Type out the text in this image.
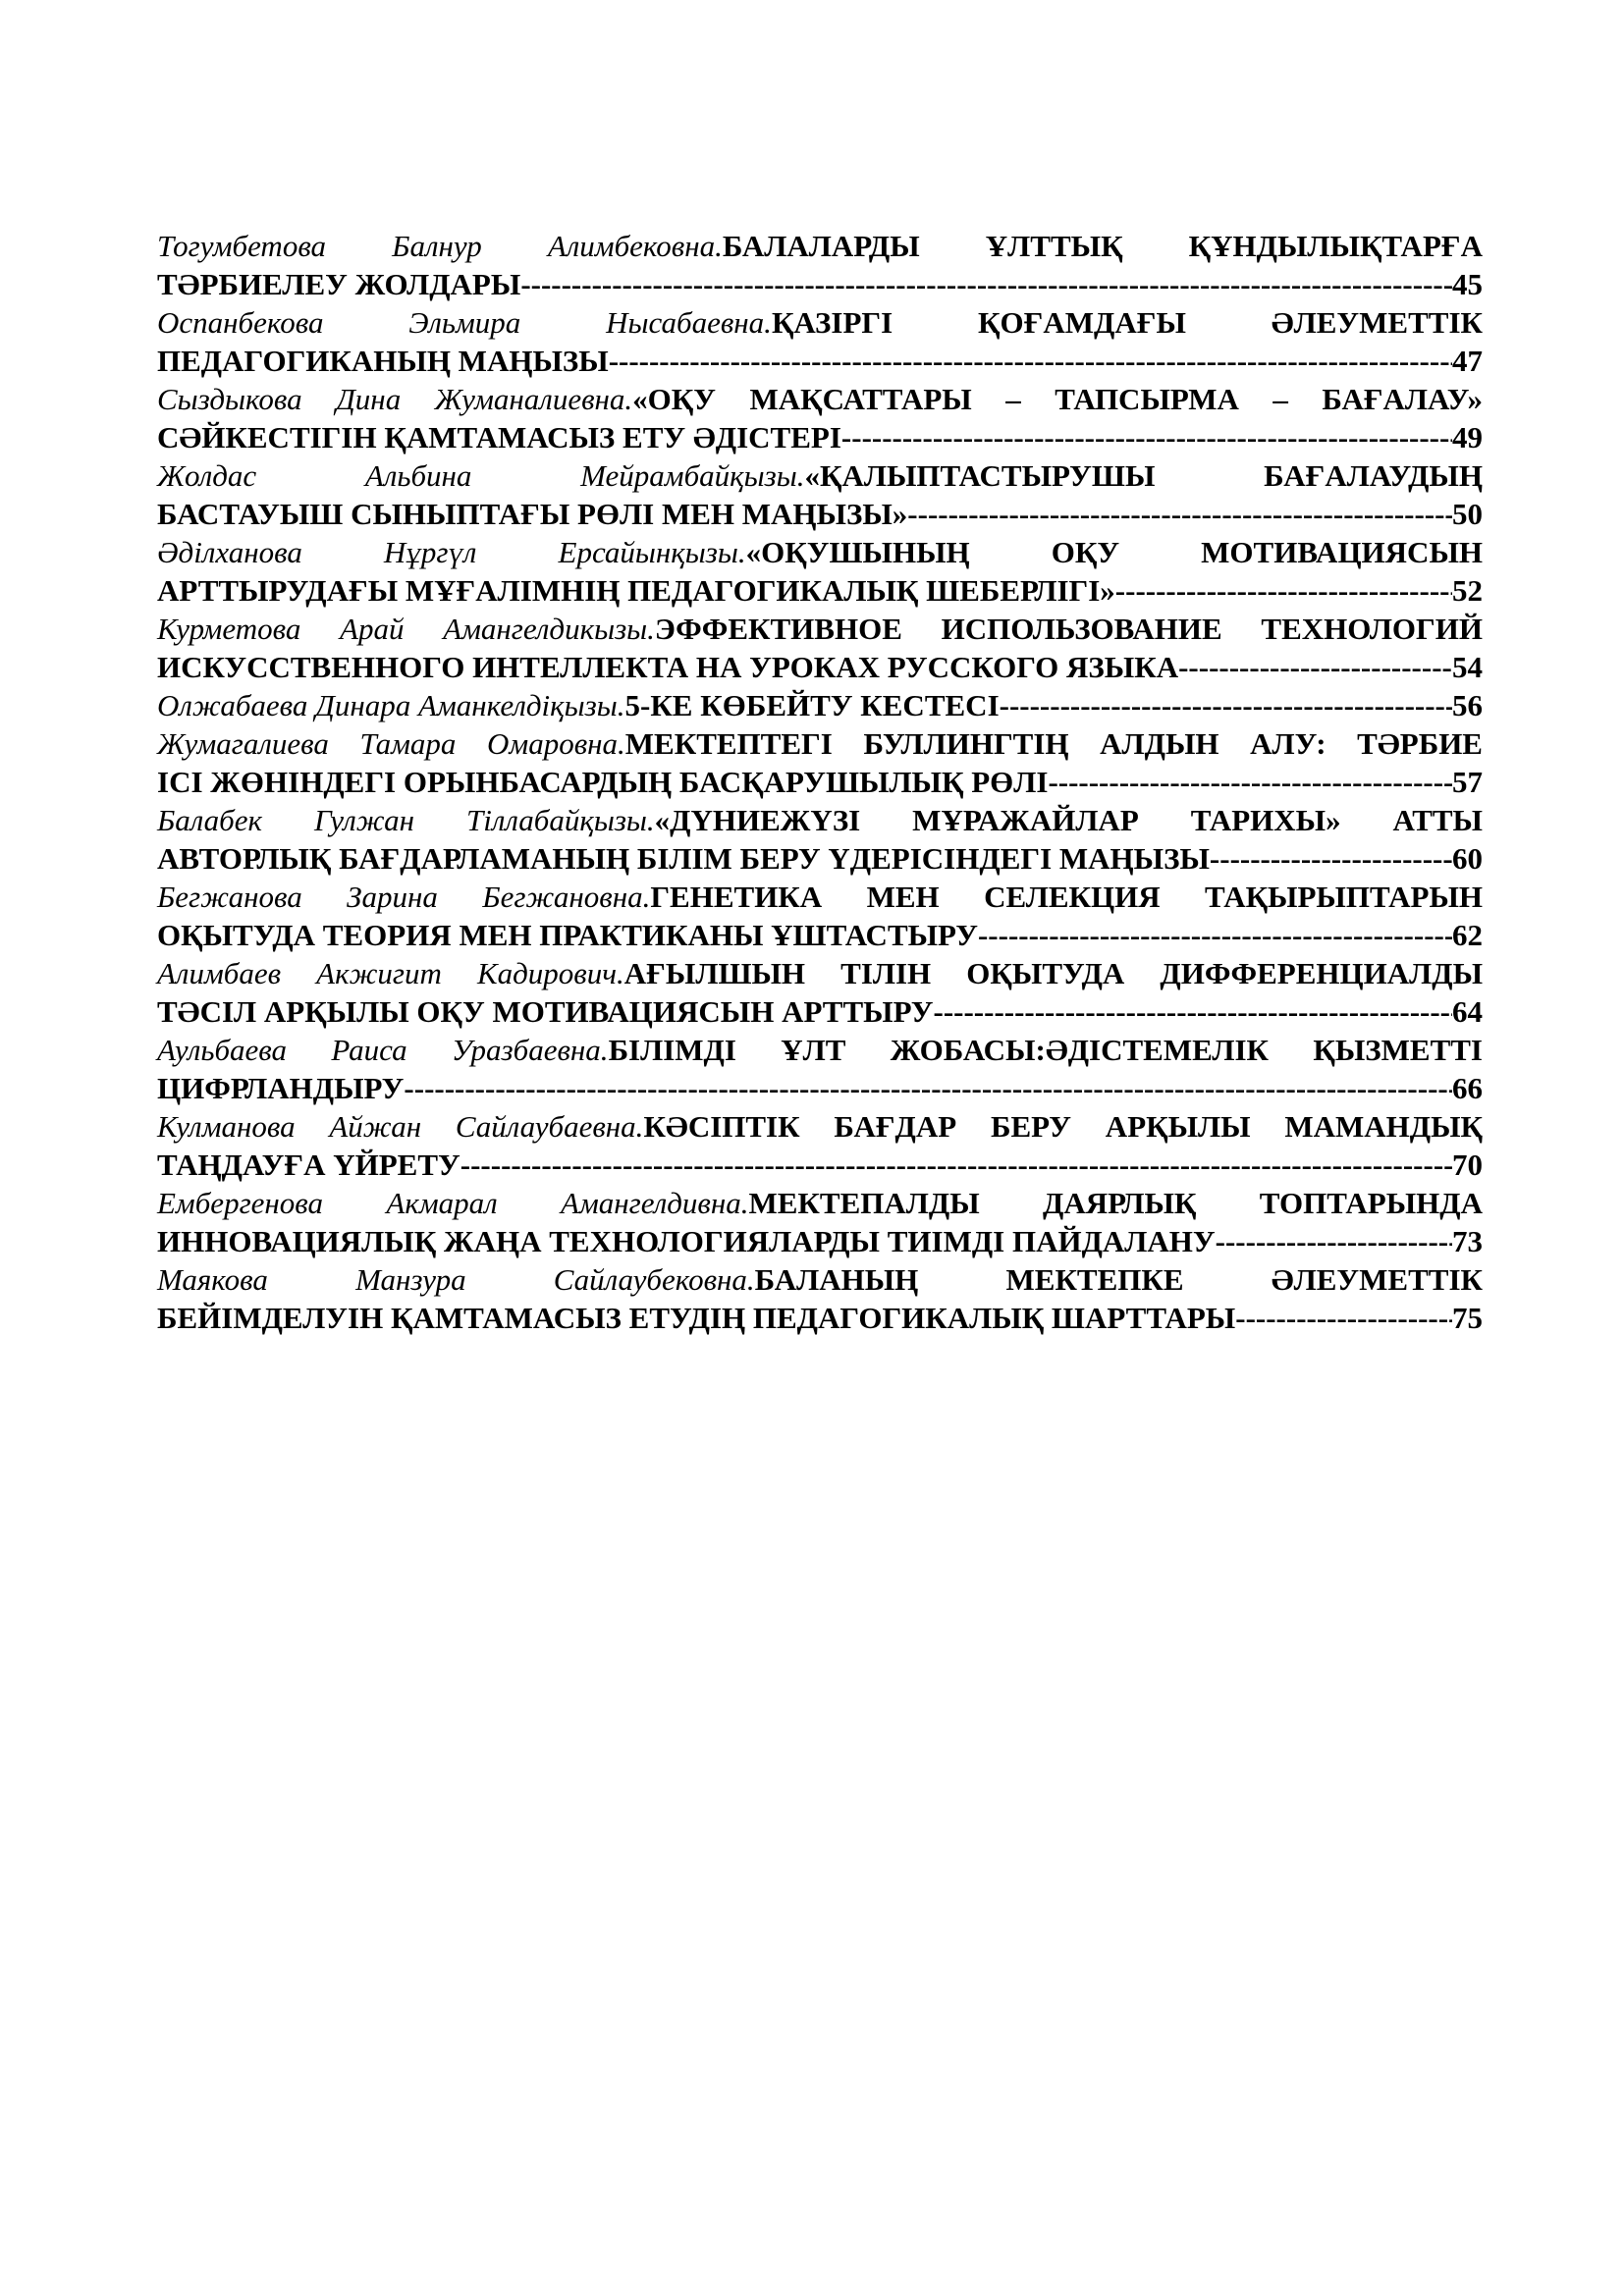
Тогумбетова Балнур Алимбековна.БАЛАЛАРДЫ ҰЛТТЫҚ ҚҰНДЫЛЫҚТАРҒА
ТӘРБИЕЛЕУ ЖОЛДАРЫ -----	45
Оспанбекова Эльмира Нысабаевна.ҚАЗІРГІ ҚОҒАМДАҒЫ ӘЛЕУМЕТТІК
ПЕДАГОГИКАНЫҢ МАҢЫЗЫ -----	47
Сыздыкова Дина Жуманалиевна.«ОҚУ МАҚСАТТАРЫ – ТАПСЫРМА – БАҒАЛАУ»
СӘЙКЕСТІГІН ҚАМТАМАСЫЗ ЕТУ ӘДІСТЕРІ -----	49
Жолдас Альбина Мейрамбайқызы.«ҚАЛЫПТАСТЫРУШЫ БАҒАЛАУДЫҢ
БАСТАУЫШ СЫНЫПТАҒЫ РӨЛІ МЕН МАҢЫЗЫ» -----	50
Әділханова Нұргүл Ерсайынқызы.«ОҚУШЫНЫҢ ОҚУ МОТИВАЦИЯСЫН
АРТТЫРУДАҒЫ МҰҒАЛІМНІҢ ПЕДАГОГИКАЛЫҚ ШЕБЕРЛІГІ» -----	52
Курметова Арай Амангелдикызы.ЭФФЕКТИВНОЕ ИСПОЛЬЗОВАНИЕ ТЕХНОЛОГИЙ
ИСКУССТВЕННОГО ИНТЕЛЛЕКТА НА УРОКАХ РУССКОГО ЯЗЫКА -----	54
Олжабаева Динара Аманкелдіқызы. 5-КЕ КӨБЕЙТУ КЕСТЕСІ -----	56
Жумагалиева Тамара Омаровна.МЕКТЕПТЕГІ БУЛЛИНГТІҢ АЛДЫН АЛУ: ТӘРБИЕ
ІСІ ЖӨНІНДЕГІ ОРЫНБАСАРДЫҢ БАСҚАРУШЫЛЫҚ РӨЛІ -----	57
Балабек Гулжан Тіллабайқызы.«ДҮНИЕЖҮЗІ МҰРАЖАЙЛАР ТАРИХЫ» АТТЫ
АВТОРЛЫҚ БАҒДАРЛАМАНЫҢ БІЛІМ БЕРУ ҮДЕРІСІНДЕГІ МАҢЫЗЫ -----	60
Бегжанова Зарина Бегжановна.ГЕНЕТИКА МЕН СЕЛЕКЦИЯ ТАҚЫРЫПТАРЫН
ОҚЫТУДА ТЕОРИЯ МЕН ПРАКТИКАНЫ ҰШТАСТЫРУ -----	62
Алимбаев Акжигит Кадирович.АҒЫЛШЫН ТІЛІН ОҚЫТУДА ДИФФЕРЕНЦИАЛДЫ
ТӘСІЛ АРҚЫЛЫ ОҚУ МОТИВАЦИЯСЫН АРТТЫРУ -----	64
Аульбаева Раиса Уразбаевна.БІЛІМДІ ҰЛТ ЖОБАСЫ:ӘДІСТЕМЕЛІК ҚЫЗМЕТТІ
ЦИФРЛАНДЫРУ -----	66
Кулманова Айжан Сайлаубаевна.КӘСІПТІК БАҒДАР БЕРУ АРҚЫЛЫ МАМАНДЫҚ
ТАҢДАУҒА ҮЙРЕТУ -----	70
Ембергенова Акмарал Амангелдивна.МЕКТЕПАЛДЫ ДАЯРЛЫҚ ТОПТАРЫНДА
ИННОВАЦИЯЛЫҚ ЖАҢА ТЕХНОЛОГИЯЛАРДЫ ТИІМДІ ПАЙДАЛАНУ -----	73
Маякова Манзура Сайлаубековна.БАЛАНЫҢ МЕКТЕПКЕ ӘЛЕУМЕТТІК
БЕЙІМДЕЛУІН ҚАМТАМАСЫЗ ЕТУДІҢ ПЕДАГОГИКАЛЫҚ ШАРТТАРЫ -----	75
